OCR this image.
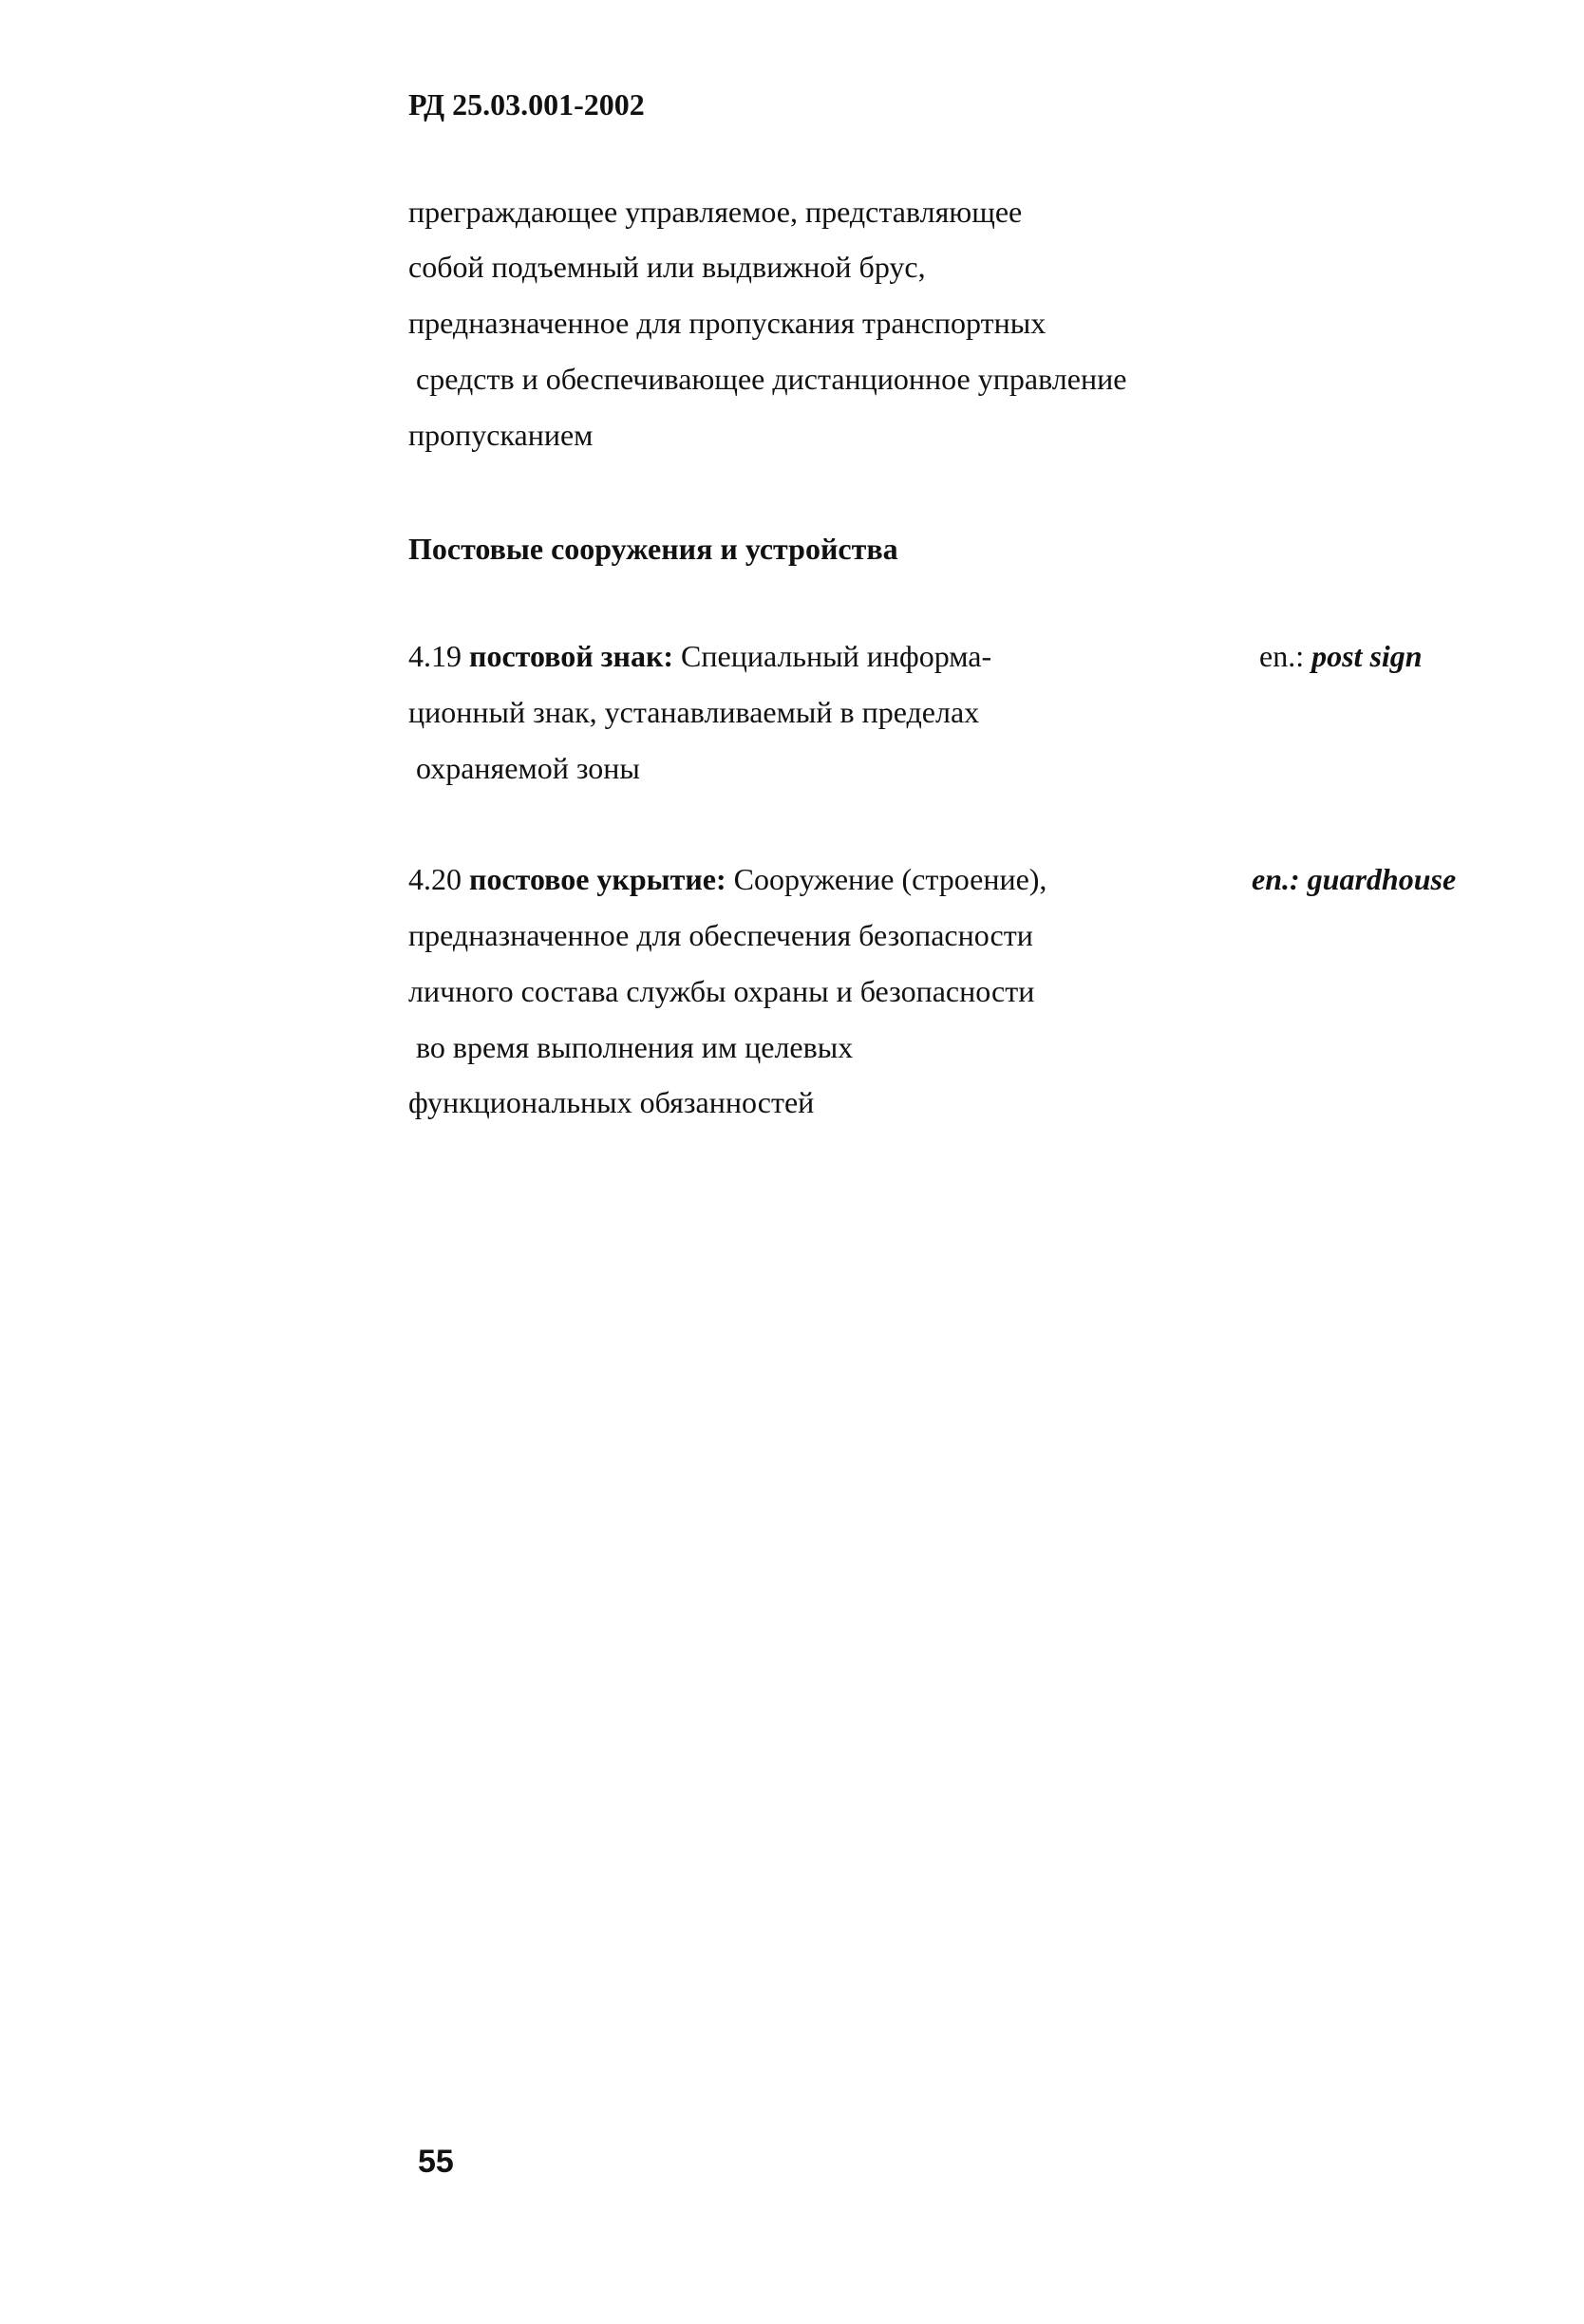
РД 25.03.001-2002
преграждающее управляемое, представляющее
собой подъемный или выдвижной брус,
предназначенное для пропускания транспортных
средств и обеспечивающее дистанционное управление
пропусканием
Постовые сооружения и устройства
4.19 постовой знак: Специальный информа-
ционный знак, устанавливаемый в пределах
охраняемой зоны
en.: post sign
4.20 постовое укрытие: Сооружение (строение),
предназначенное для обеспечения безопасности
личного состава службы охраны и безопасности
во время выполнения им целевых
функциональных обязанностей
en.: guardhouse
55
